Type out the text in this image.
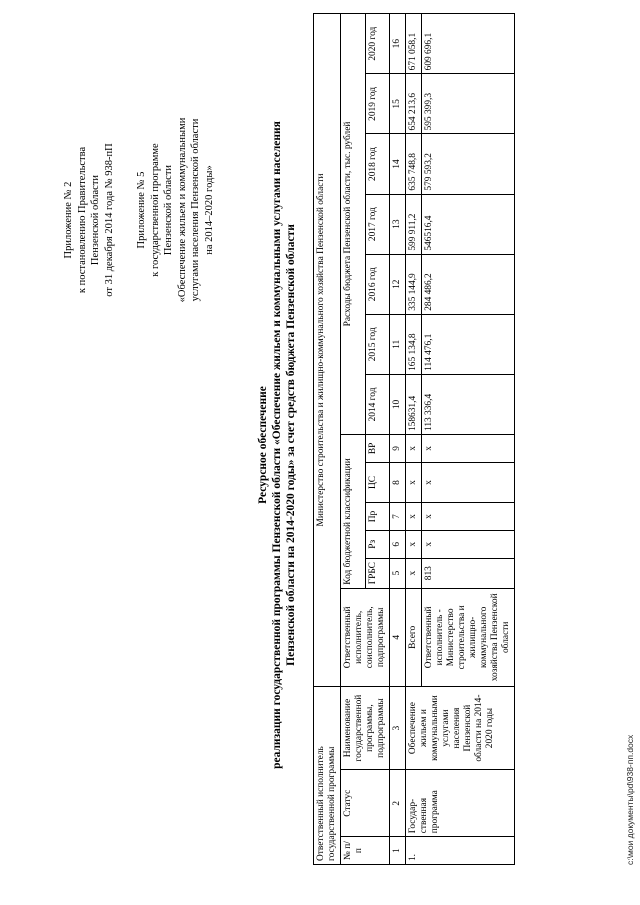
Приложение № 2 к постановлению Правительства Пензенской области от 31 декабря 2014 года № 938-пП Приложение № 5 к государственной программе Пензенской области «Обеспечение жильем и коммунальными услугами населения Пензенской области на 2014–2020 годы»
Ресурсное обеспечение реализации государственной программы Пензенской области «Обеспечение жильем и коммунальными услугами населения Пензенской области на 2014-2020 годы» за счет средств бюджета Пензенской области
Ответственный исполнитель государственной программы			Министерство строительства и жилищно-коммунального хозяйства Пензенской области												
№ п/п	Статус	Наименование государственной программы, подпрограммы	Ответственный исполнитель, соисполнитель, подпрограммы	Код бюджетной классификации					Расходы бюджета Пензенской области, тыс. рублей						
				ГРБС	Рз	Пр	ЦС	ВР	2014 год	2015 год	2016 год	2017 год	2018 год	2019 год	2020 год
1	2	3	4	5	6	7	8	9	10	11	12	13	14	15	16
1.	Государ-ственная программа	Обеспечение жильем и коммунальными услугами населения Пензенской области на 2014-2020 годы	Всего	х	х	х	х	х	158631,4	165 134,8	335 144,9	599 911,2	635 748,8	654 213,6	671 058,1
			Ответственный исполнитель - Министерство строительства и жилищно-коммунального хозяйства Пензенской области	813	х	х	х	х	113 336,4	114 476,1	284 486,2	546516,4	579 593,2	595 399,3	609 696,1
c:\мои документы\pd\938-пп.docx
